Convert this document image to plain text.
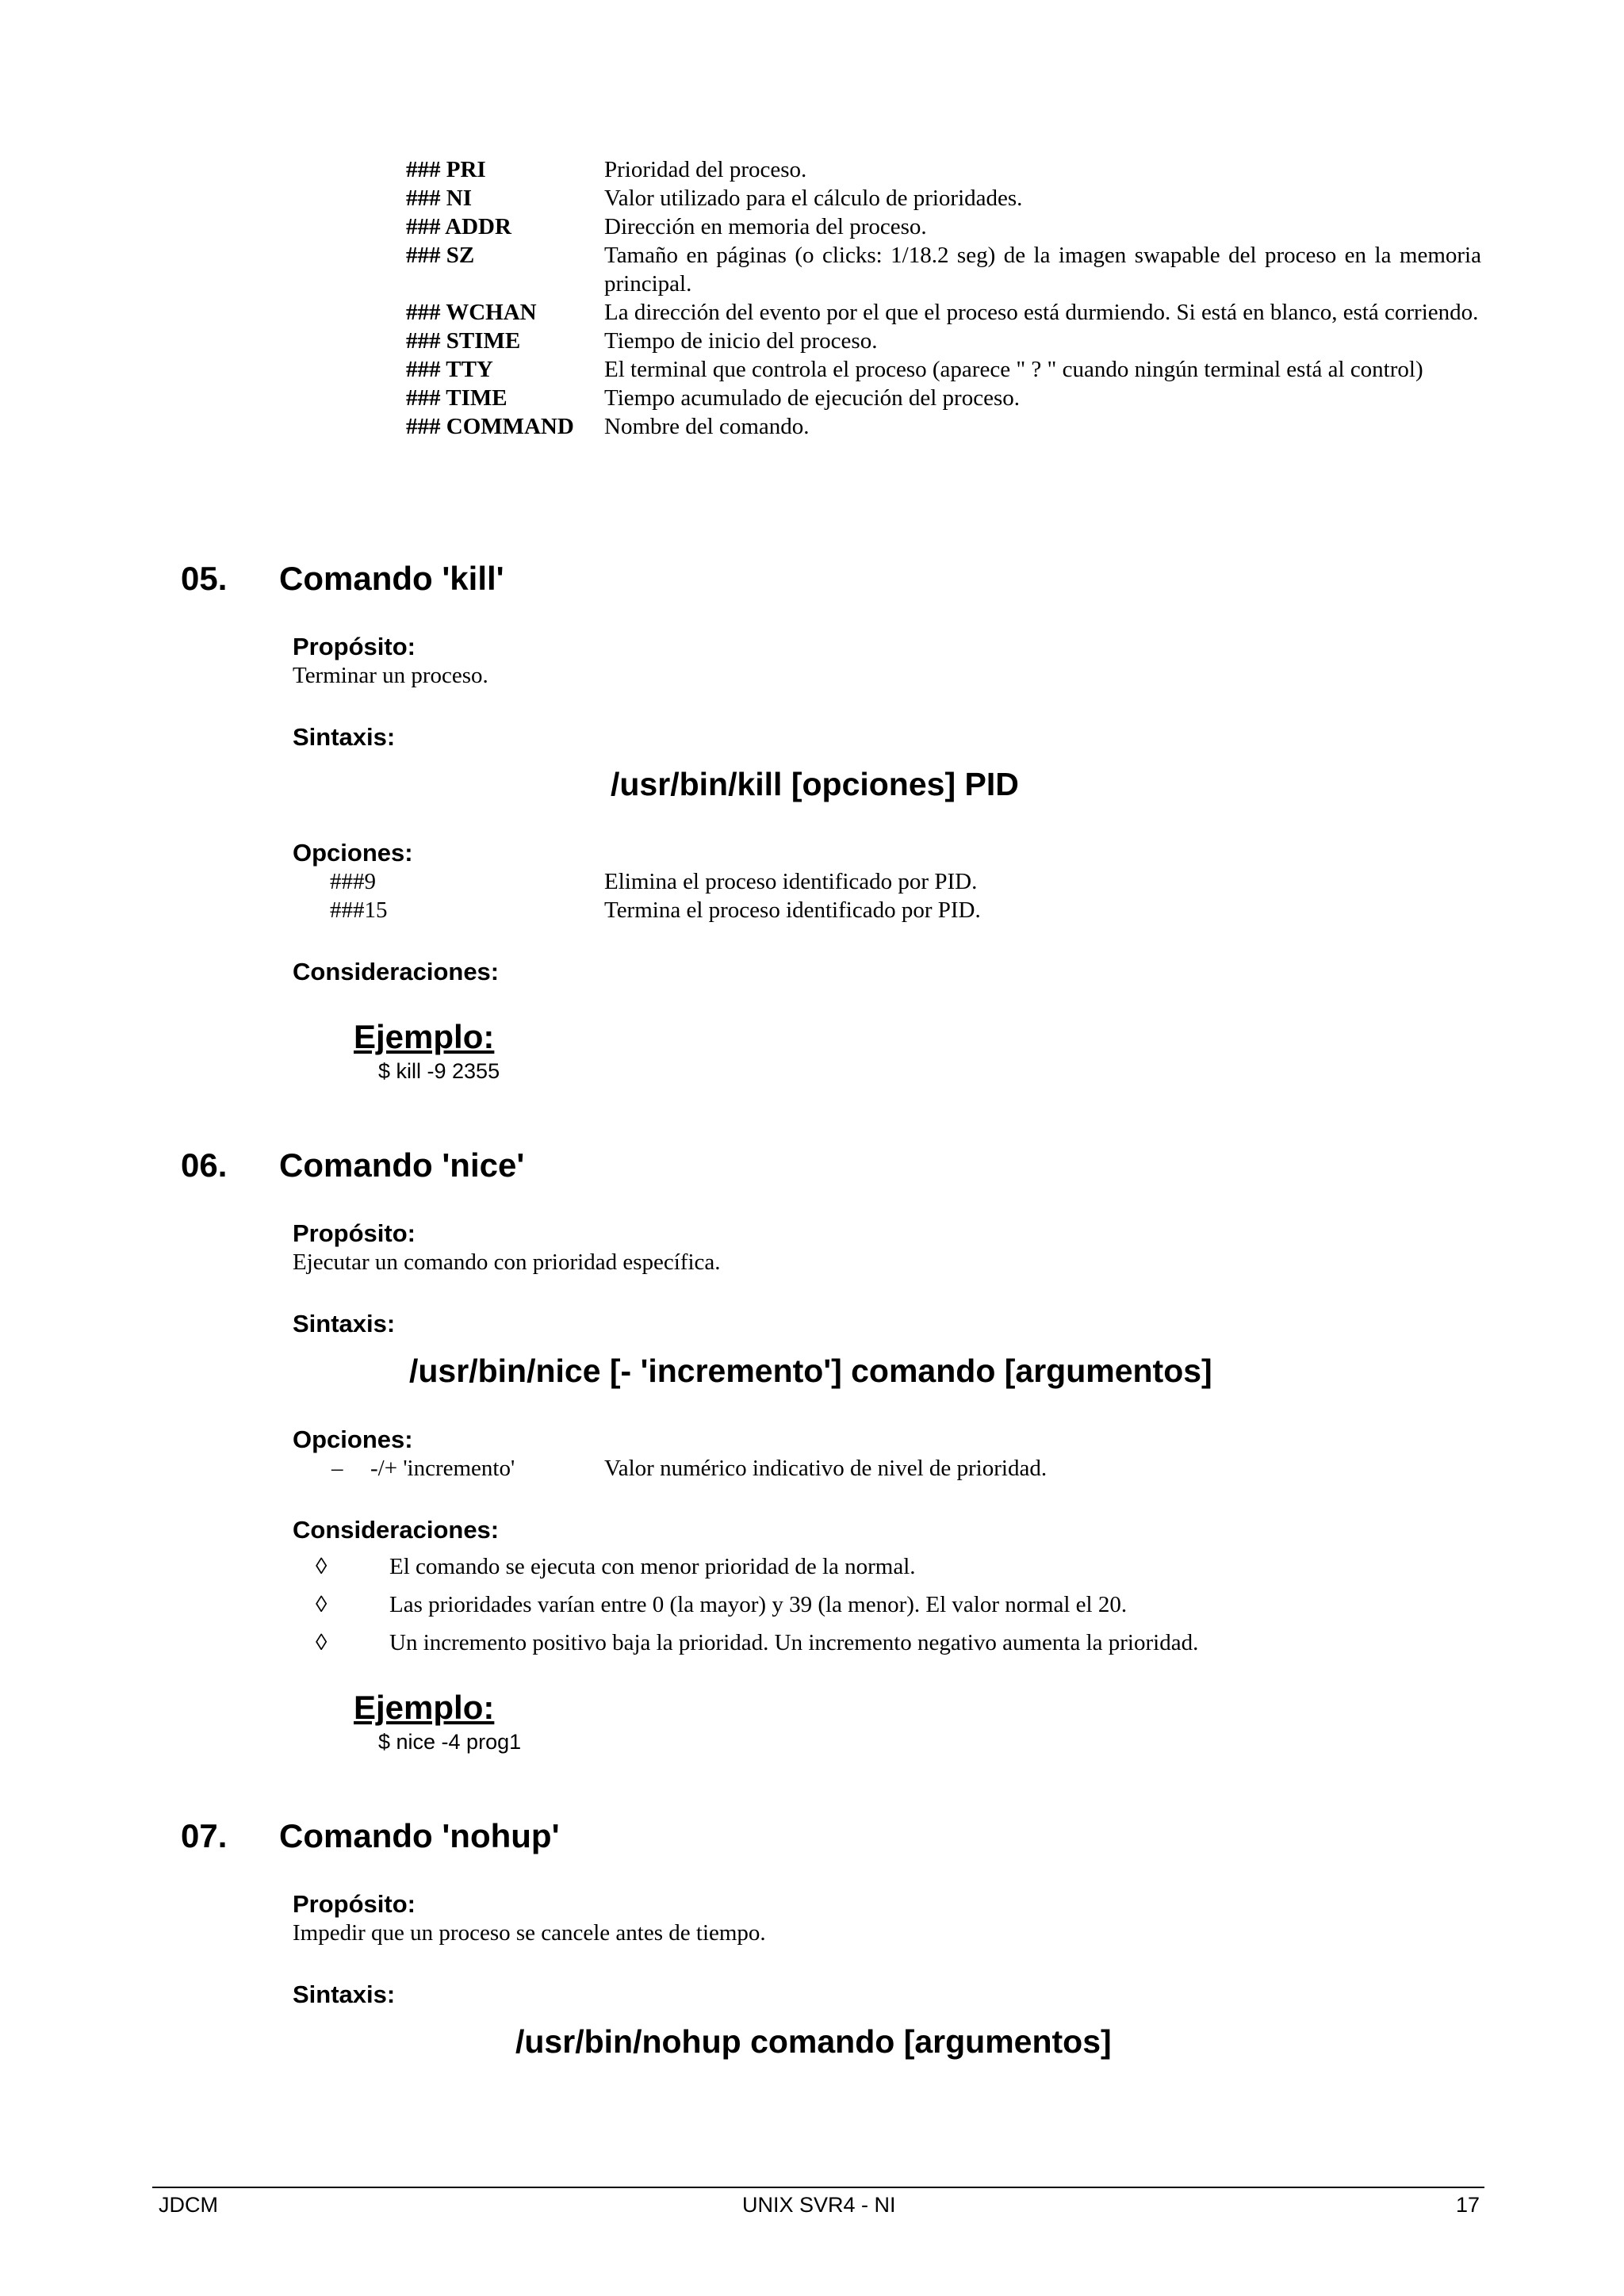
### PRI	Prioridad del proceso.
### NI	Valor utilizado para el cálculo de prioridades.
### ADDR	Dirección en memoria del proceso.
### SZ	Tamaño en páginas (o clicks: 1/18.2 seg) de la imagen swapable del proceso en la memoria principal.
### WCHAN	La dirección del evento por el que el proceso está durmiendo. Si está en blanco, está corriendo.
### STIME	Tiempo de inicio del proceso.
### TTY	El terminal que controla el proceso (aparece " ? " cuando ningún terminal está al control)
### TIME	Tiempo acumulado de ejecución del proceso.
### COMMAND	Nombre del comando.
05.	Comando 'kill'
Propósito:
Terminar un proceso.
Sintaxis:
/usr/bin/kill [opciones] PID
Opciones:
###9	Elimina el proceso identificado por PID.
###15	Termina el proceso identificado por PID.
Consideraciones:
Ejemplo:
$ kill -9 2355
06.	Comando 'nice'
Propósito:
Ejecutar un comando con prioridad específica.
Sintaxis:
/usr/bin/nice [- 'incremento'] comando [argumentos]
Opciones:
– -/+ 'incremento'	Valor numérico indicativo de nivel de prioridad.
Consideraciones:
◊	El comando se ejecuta con menor prioridad de la normal.
◊	Las prioridades varían entre 0 (la mayor) y 39 (la menor). El valor normal el 20.
◊	Un incremento positivo baja la prioridad. Un incremento negativo aumenta la prioridad.
Ejemplo:
$ nice -4 prog1
07.	Comando 'nohup'
Propósito:
Impedir que un proceso se cancele antes de tiempo.
Sintaxis:
/usr/bin/nohup comando [argumentos]
JDCM	UNIX SVR4 - NI	17
